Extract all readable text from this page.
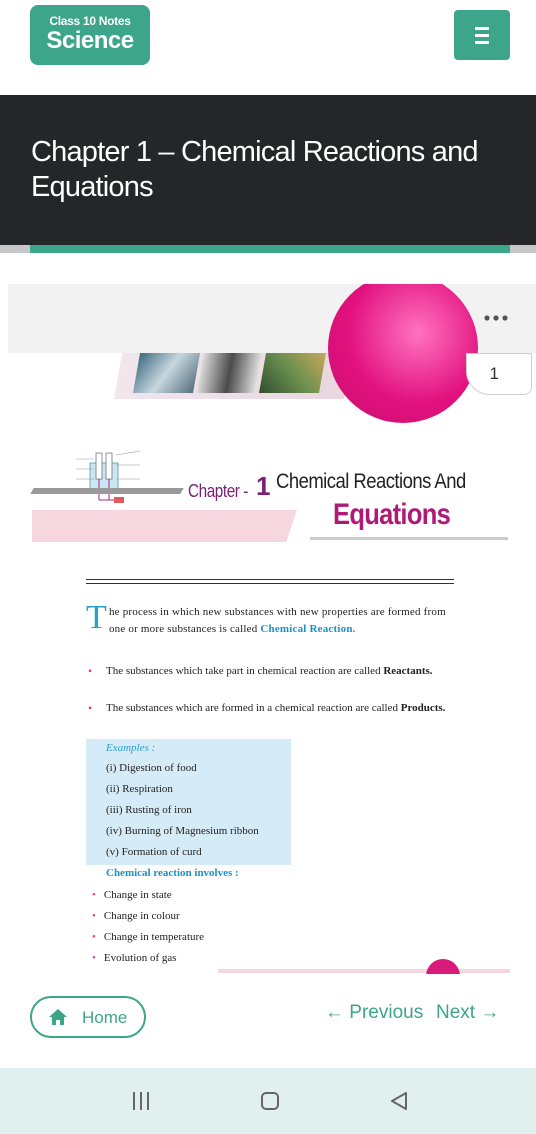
Class 10 Notes
Science
Chapter 1 – Chemical Reactions and Equations
1
Chapter - 1 Chemical Reactions And
Equations
The process in which new substances with new properties are formed from one or more substances is called Chemical Reaction.
• The substances which take part in chemical reaction are called Reactants.
• The substances which are formed in a chemical reaction are called Products.
Examples :
(i) Digestion of food
(ii) Respiration
(iii) Rusting of iron
(iv) Burning of Magnesium ribbon
(v) Formation of curd
Chemical reaction involves :
• Change in state
• Change in colour
• Change in temperature
• Evolution of gas
Home	← Previous Next →
